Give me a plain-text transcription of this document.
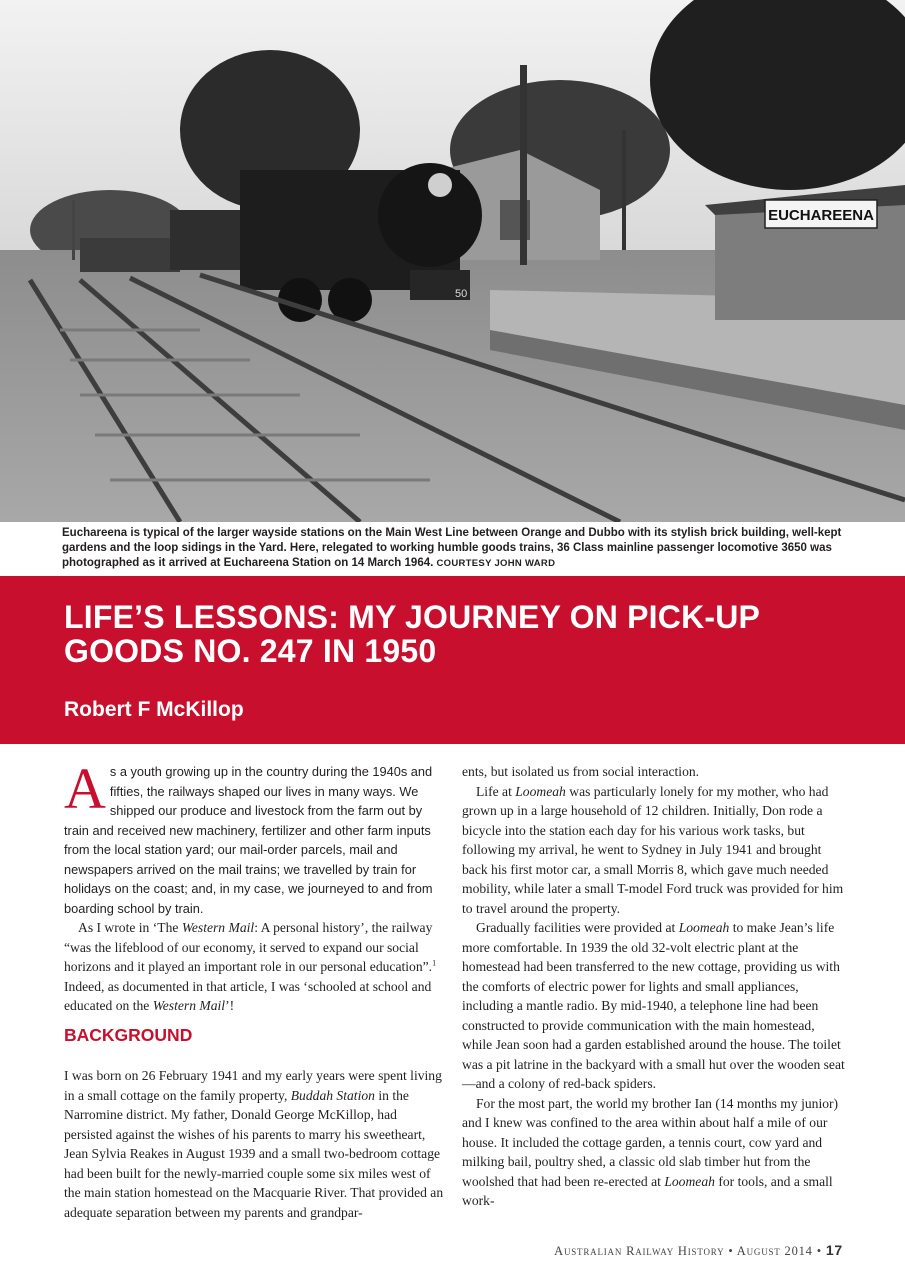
EUCHAREENA
50
Euchareena is typical of the larger wayside stations on the Main West Line between Orange and Dubbo with its stylish brick building, well-kept gardens and the loop sidings in the Yard. Here, relegated to working humble goods trains, 36 Class mainline passenger locomotive 3650 was photographed as it arrived at Euchareena Station on 14 March 1964. COURTESY JOHN WARD
LIFE’S LESSONS: MY JOURNEY ON PICK-UP GOODS NO. 247 IN 1950
Robert F McKillop

As a youth growing up in the country during the 1940s and fifties, the railways shaped our lives in many ways. We shipped our produce and livestock from the farm out by train and received new machinery, fertilizer and other farm inputs from the local station yard; our mail-order parcels, mail and newspapers arrived on the mail trains; we travelled by train for holidays on the coast; and, in my case, we journeyed to and from boarding school by train.

As I wrote in ‘The Western Mail: A personal history’, the railway “was the lifeblood of our economy, it served to expand our social horizons and it played an important role in our personal education”.$^1$ Indeed, as documented in that article, I was ‘schooled at school and educated on the Western Mail’!

BACKGROUND

I was born on 26 February 1941 and my early years were spent living in a small cottage on the family property, Buddah Station in the Narromine district. My father, Donald George McKillop, had persisted against the wishes of his parents to marry his sweetheart, Jean Sylvia Reakes in August 1939 and a small two-bedroom cottage had been built for the newly-married couple some six miles west of the main station homestead on the Macquarie River. That provided an adequate separation between my parents and grandpar-

ents, but isolated us from social interaction.

Life at Loomeah was particularly lonely for my mother, who had grown up in a large household of 12 children. Initially, Don rode a bicycle into the station each day for his various work tasks, but following my arrival, he went to Sydney in July 1941 and brought back his first motor car, a small Morris 8, which gave much needed mobility, while later a small T-model Ford truck was provided for him to travel around the property.

Gradually facilities were provided at Loomeah to make Jean’s life more comfortable. In 1939 the old 32-volt electric plant at the homestead had been transferred to the new cottage, providing us with the comforts of electric power for lights and small appliances, including a mantle radio. By mid-1940, a telephone line had been constructed to provide communication with the main homestead, while Jean soon had a garden established around the house. The toilet was a pit latrine in the backyard with a small hut over the wooden seat—and a colony of red-back spiders.

For the most part, the world my brother Ian (14 months my junior) and I knew was confined to the area within about half a mile of our house. It included the cottage garden, a tennis court, cow yard and milking bail, poultry shed, a classic old slab timber hut from the woolshed that had been re-erected at Loomeah for tools, and a small work-

Australian Railway History • August 2014 • 17
